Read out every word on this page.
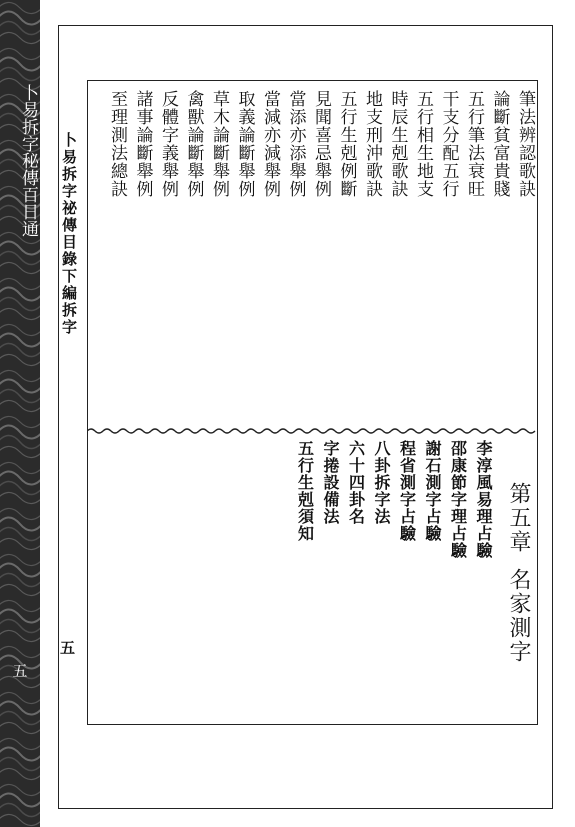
卜易拆字秘傳百日通
五
卜易拆字祕傳目錄下編拆字
五
筆法辨認歌訣
論斷貧富貴賤
五行筆法衰旺
干支分配五行
五行相生地支
時辰生剋歌訣
地支刑沖歌訣
五行生剋例斷
見聞喜忌舉例
當添亦添舉例
當減亦減舉例
取義論斷舉例
草木論斷舉例
禽獸論斷舉例
反體字義舉例
諸事論斷舉例
至理測法總訣
第五章名家測字
李淳風易理占驗
邵康節字理占驗
謝石測字占驗
程省測字占驗
八卦拆字法
六十四卦名
字捲設備法
五行生剋須知
